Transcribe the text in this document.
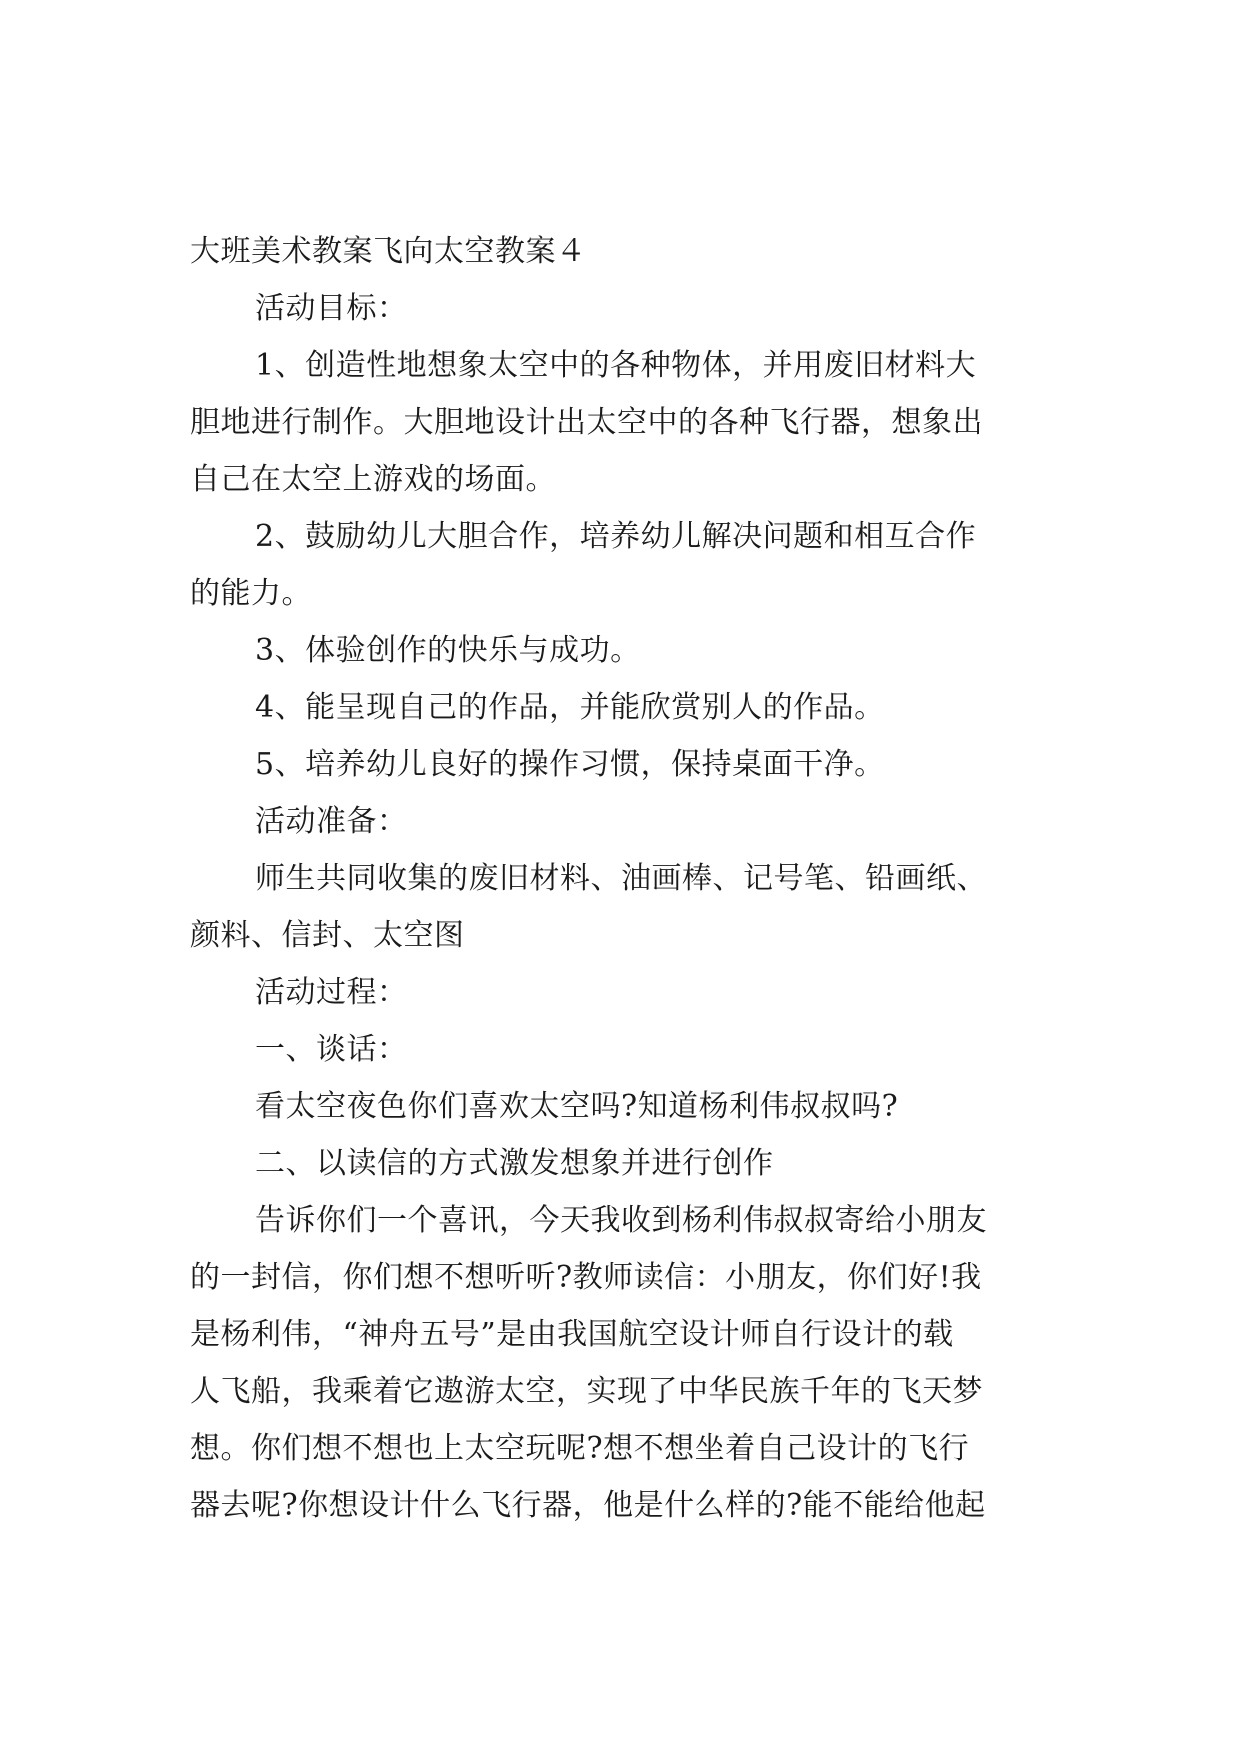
大班美术教案飞向太空教案４
活动目标：
1、创造性地想象太空中的各种物体，并用废旧材料大
胆地进行制作。大胆地设计出太空中的各种飞行器，想象出
自己在太空上游戏的场面。
2、鼓励幼儿大胆合作，培养幼儿解决问题和相互合作
的能力。
3、体验创作的快乐与成功。
4、能呈现自己的作品，并能欣赏别人的作品。
5、培养幼儿良好的操作习惯，保持桌面干净。
活动准备：
师生共同收集的废旧材料、油画棒、记号笔、铅画纸、
颜料、信封、太空图
活动过程：
一、谈话：
看太空夜色你们喜欢太空吗?知道杨利伟叔叔吗?
二、以读信的方式激发想象并进行创作
告诉你们一个喜讯，今天我收到杨利伟叔叔寄给小朋友
的一封信，你们想不想听听?教师读信：小朋友，你们好!我
是杨利伟，“神舟五号”是由我国航空设计师自行设计的载
人飞船，我乘着它遨游太空，实现了中华民族千年的飞天梦
想。你们想不想也上太空玩呢?想不想坐着自己设计的飞行
器去呢?你想设计什么飞行器，他是什么样的?能不能给他起
